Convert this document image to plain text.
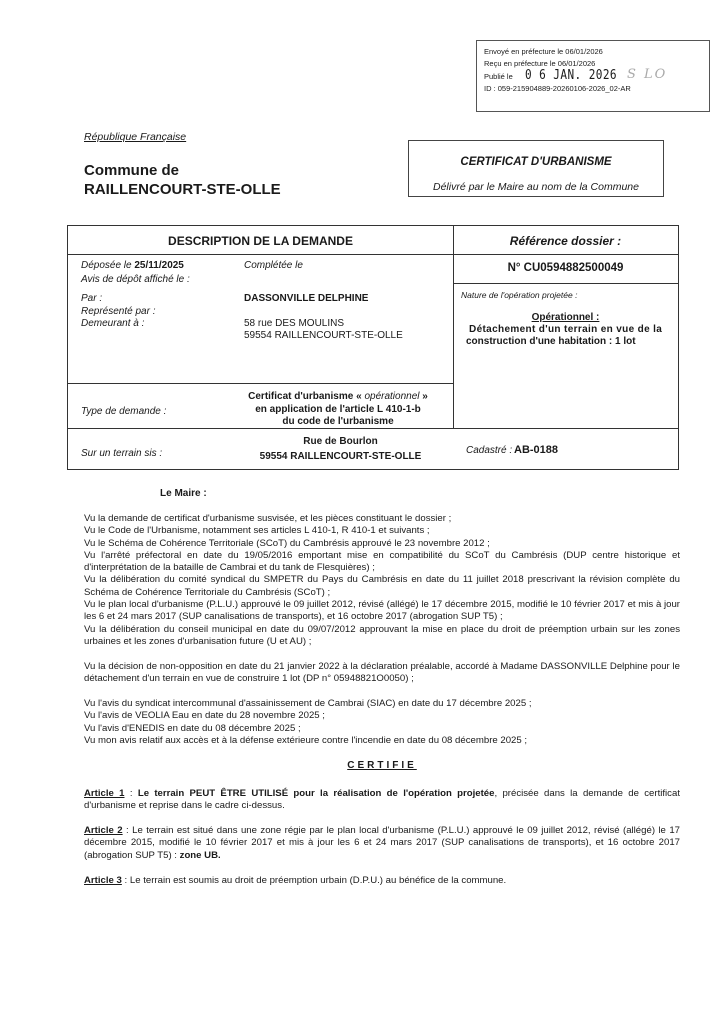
Envoyé en préfecture le 06/01/2026
Reçu en préfecture le 06/01/2026
Publié le 0 6 JAN. 2026
ID : 059-215904889-20260106-2026_02-AR
S LO
République Française
Commune de
RAILLENCOURT-STE-OLLE
CERTIFICAT D'URBANISME
Délivré par le Maire au nom de la Commune
DESCRIPTION DE LA DEMANDE	Référence dossier :
Déposée le 25/11/2025	Complétée le
Avis de dépôt affiché le :
Par :	DASSONVILLE DELPHINE
Représenté par :
Demeurant à :	58 rue DES MOULINS
59554 RAILLENCOURT-STE-OLLE
Type de demande :
Certificat d'urbanisme « opérationnel »
en application de l'article L 410-1-b
du code de l'urbanisme
N° CU0594882500049
Nature de l'opération projetée :
Opérationnel :
Détachement d'un terrain en vue de la
construction d'une habitation : 1 lot
Sur un terrain sis :
Rue de Bourlon
59554 RAILLENCOURT-STE-OLLE
Cadastré : AB-0188
Le Maire :

Vu la demande de certificat d'urbanisme susvisée, et les pièces constituant le dossier ;

Vu le Code de l'Urbanisme, notamment ses articles L 410-1, R 410-1 et suivants ;

Vu le Schéma de Cohérence Territoriale (SCoT) du Cambrésis approuvé le 23 novembre 2012 ;

Vu l'arrêté préfectoral en date du 19/05/2016 emportant mise en compatibilité du SCoT du Cambrésis (DUP centre historique et d'interprétation de la bataille de Cambrai et du tank de Flesquières) ;

Vu la délibération du comité syndical du SMPETR du Pays du Cambrésis en date du 11 juillet 2018 prescrivant la révision complète du Schéma de Cohérence Territoriale du Cambrésis (SCoT) ;

Vu le plan local d'urbanisme (P.L.U.) approuvé le 09 juillet 2012, révisé (allégé) le 17 décembre 2015, modifié le 10 février 2017 et mis à jour les 6 et 24 mars 2017 (SUP canalisations de transports), et 16 octobre 2017 (abrogation SUP T5) ;

Vu la délibération du conseil municipal en date du 09/07/2012 approuvant la mise en place du droit de préemption urbain sur les zones urbaines et les zones d'urbanisation future (U et AU) ;

Vu la décision de non-opposition en date du 21 janvier 2022 à la déclaration préalable, accordé à Madame DASSONVILLE Delphine pour le détachement d'un terrain en vue de construire 1 lot (DP n° 05948821O0050) ;

Vu l'avis du syndicat intercommunal d'assainissement de Cambrai (SIAC) en date du 17 décembre 2025 ;

Vu l'avis de VEOLIA Eau en date du 28 novembre 2025 ;

Vu l'avis d'ENEDIS en date du 08 décembre 2025 ;

Vu mon avis relatif aux accès et à la défense extérieure contre l'incendie en date du 08 décembre 2025 ;

CERTIFIE

Article 1 : Le terrain PEUT ÊTRE UTILISÉ pour la réalisation de l'opération projetée, précisée dans la demande de certificat d'urbanisme et reprise dans le cadre ci-dessus.

Article 2 : Le terrain est situé dans une zone régie par le plan local d'urbanisme (P.L.U.) approuvé le 09 juillet 2012, révisé (allégé) le 17 décembre 2015, modifié le 10 février 2017 et mis à jour les 6 et 24 mars 2017 (SUP canalisations de transports), et 16 octobre 2017 (abrogation SUP T5) : zone UB.

Article 3 : Le terrain est soumis au droit de préemption urbain (D.P.U.) au bénéfice de la commune.
